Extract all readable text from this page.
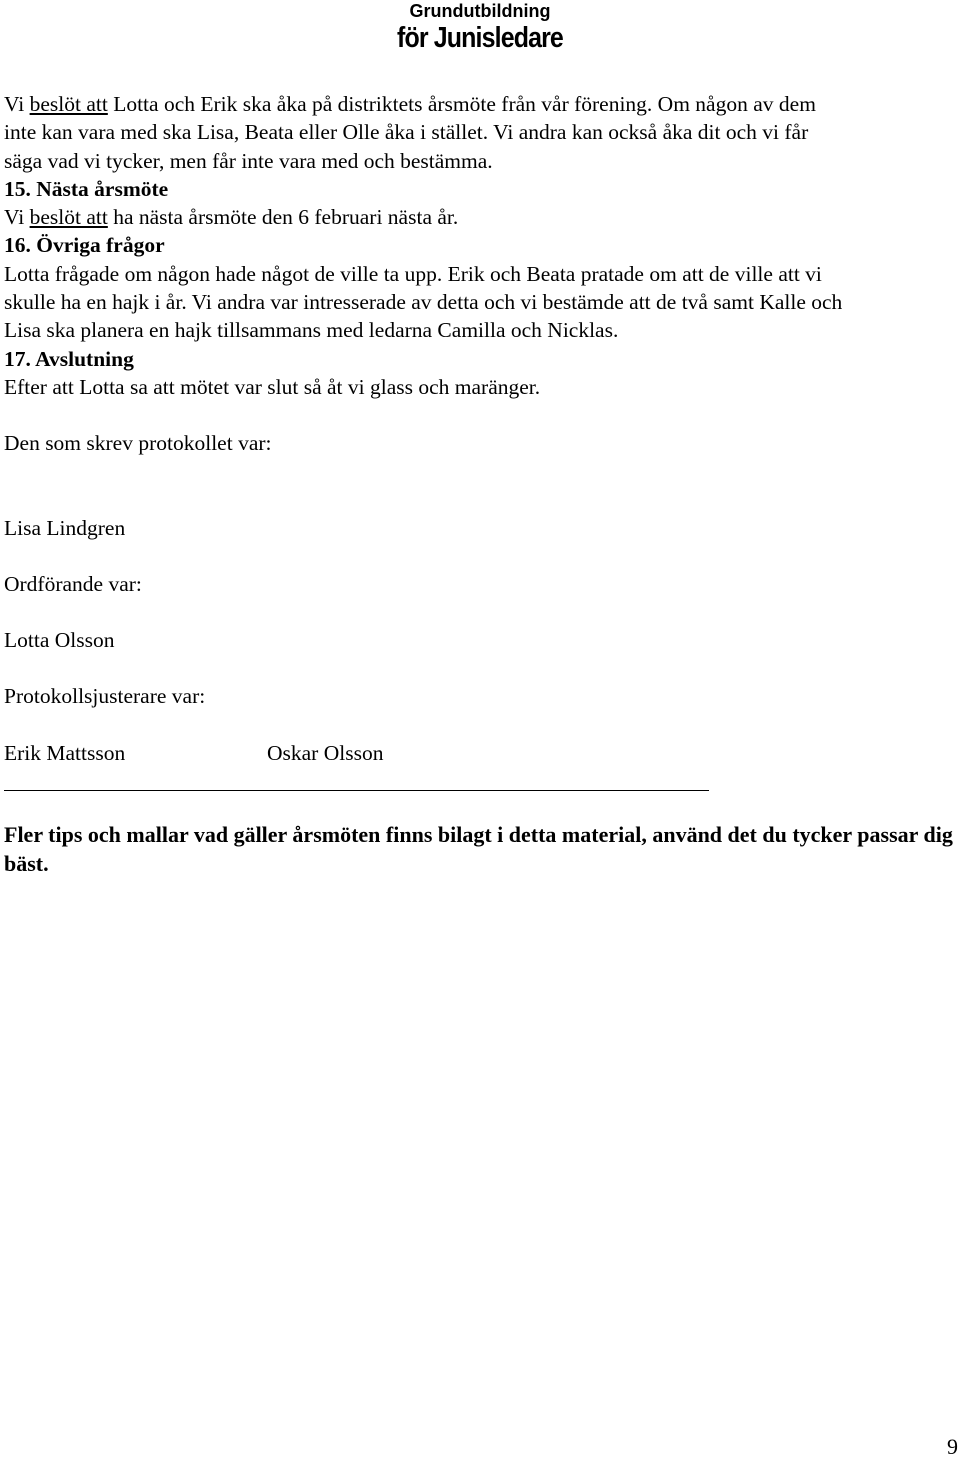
Grundutbildning
för Junisledare

Vi beslöt att Lotta och Erik ska åka på distriktets årsmöte från vår förening. Om någon av dem

inte kan vara med ska Lisa, Beata eller Olle åka i stället. Vi andra kan också åka dit och vi får

säga vad vi tycker, men får inte vara med och bestämma.

15. Nästa årsmöte

Vi beslöt att ha nästa årsmöte den 6 februari nästa år.

16. Övriga frågor

Lotta frågade om någon hade något de ville ta upp. Erik och Beata pratade om att de ville att vi

skulle ha en hajk i år. Vi andra var intresserade av detta och vi bestämde att de två samt Kalle och

Lisa ska planera en hajk tillsammans med ledarna Camilla och Nicklas.

17. Avslutning

Efter att Lotta sa att mötet var slut så åt vi glass och maränger.

Den som skrev protokollet var:

Lisa Lindgren

Ordförande var:

Lotta Olsson

Protokollsjusterare var:

Erik Mattsson	Oskar Olsson

Fler tips och mallar vad gäller årsmöten finns bilagt i detta material, använd det du tycker passar dig bäst.
9
